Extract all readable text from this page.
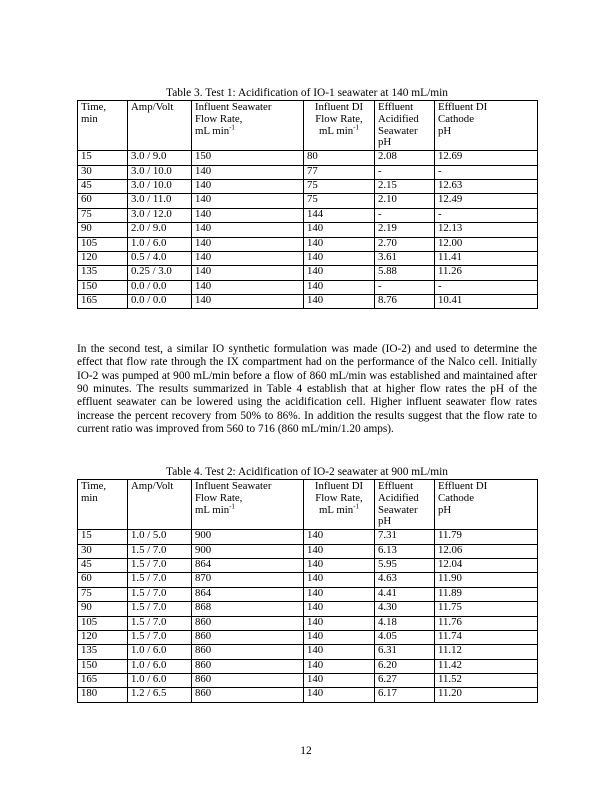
Table 3. Test 1: Acidification of IO-1 seawater at 140 mL/min
Time,
min	Amp/Volt	Influent Seawater
Flow Rate,
mL $\min^{-1}$	Influent DI
Flow Rate,
mL $\min^{-1}$	Effluent
Acidified
Seawater
pH	Effluent DI
Cathode
pH

15	3.0 / 9.0	150	80	2.08	12.69
30	3.0 / 10.0	140	77	-	-
45	3.0 / 10.0	140	75	2.15	12.63
60	3.0 / 11.0	140	75	2.10	12.49
75	3.0 / 12.0	140	144	-	-
90	2.0 / 9.0	140	140	2.19	12.13
105	1.0 / 6.0	140	140	2.70	12.00
120	0.5 / 4.0	140	140	3.61	11.41
135	0.25 / 3.0	140	140	5.88	11.26
150	0.0 / 0.0	140	140	-	-
165	0.0 / 0.0	140	140	8.76	10.41

In the second test, a similar IO synthetic formulation was made (IO-2) and used to determine the effect that flow rate through the IX compartment had on the performance of the Nalco cell. Initially IO-2 was pumped at 900 mL/min before a flow of 860 mL/min was established and maintained after 90 minutes. The results summarized in Table 4 establish that at higher flow rates the pH of the effluent seawater can be lowered using the acidification cell. Higher influent seawater flow rates increase the percent recovery from 50% to 86%. In addition the results suggest that the flow rate to current ratio was improved from 560 to 716 (860 mL/min/1.20 amps).

Table 4. Test 2: Acidification of IO-2 seawater at 900 mL/min
Time,
min	Amp/Volt	Influent Seawater
Flow Rate,
mL $\min^{-1}$	Influent DI
Flow Rate,
mL $\min^{-1}$	Effluent
Acidified
Seawater
pH	Effluent DI
Cathode
pH

15	1.0 / 5.0	900	140	7.31	11.79
30	1.5 / 7.0	900	140	6.13	12.06
45	1.5 / 7.0	864	140	5.95	12.04
60	1.5 / 7.0	870	140	4.63	11.90
75	1.5 / 7.0	864	140	4.41	11.89
90	1.5 / 7.0	868	140	4.30	11.75
105	1.5 / 7.0	860	140	4.18	11.76
120	1.5 / 7.0	860	140	4.05	11.74
135	1.0 / 6.0	860	140	6.31	11.12
150	1.0 / 6.0	860	140	6.20	11.42
165	1.0 / 6.0	860	140	6.27	11.52
180	1.2 / 6.5	860	140	6.17	11.20
12
